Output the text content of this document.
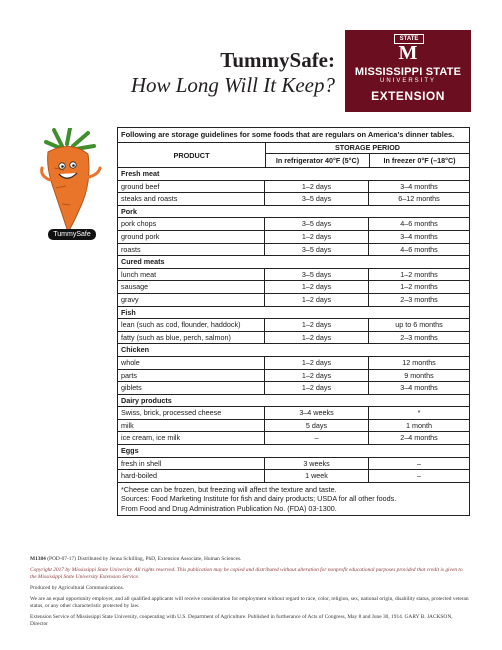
TummySafe:
How Long Will It Keep?
STATE
M
MISSISSIPPI STATE
UNIVERSITY
EXTENSION
TummySafe
Following are storage guidelines for some foods that are regulars on America's dinner tables.
PRODUCT
STORAGE PERIOD
In refrigerator 40°F (5°C)	In freezer 0°F (–18°C)
Fresh meat
ground beef	1–2 days	3–4 months
steaks and roasts	3–5 days	6–12 months
Pork
pork chops	3–5 days	4–6 months
ground pork	1–2 days	3–4 months
roasts	3–5 days	4–6 months
Cured meats
lunch meat	3–5 days	1–2 months
sausage	1–2 days	1–2 months
gravy	1–2 days	2–3 months
Fish
lean (such as cod, flounder, haddock)	1–2 days	up to 6 months
fatty (such as blue, perch, salmon)	1–2 days	2–3 months
Chicken
whole	1–2 days	12 months
parts	1–2 days	9 months
giblets	1–2 days	3–4 months
Dairy products
Swiss, brick, processed cheese	3–4 weeks	*
milk	5 days	1 month
ice cream, ice milk	–	2–4 months
Eggs
fresh in shell	3 weeks	–
hard-boiled	1 week	–
*Cheese can be frozen, but freezing will affect the texture and taste.
Sources: Food Marketing Institute for fish and dairy products; USDA for all other foods.
From Food and Drug Administration Publication No. (FDA) 03-1300.

M1384 (POD-07-17) Distributed by Jenna Schilling, PhD, Extension Associate, Human Sciences.

Copyright 2017 by Mississippi State University. All rights reserved. This publication may be copied and distributed without alteration for nonprofit educational purposes provided that credit is given to the Mississippi State University Extension Service.

Produced by Agricultural Communications.

We are an equal opportunity employer, and all qualified applicants will receive consideration for employment without regard to race, color, religion, sex, national origin, disability status, protected veteran status, or any other characteristic protected by law.

Extension Service of Mississippi State University, cooperating with U.S. Department of Agriculture. Published in furtherance of Acts of Congress, May 8 and June 30, 1914. GARY B. JACKSON, Director
